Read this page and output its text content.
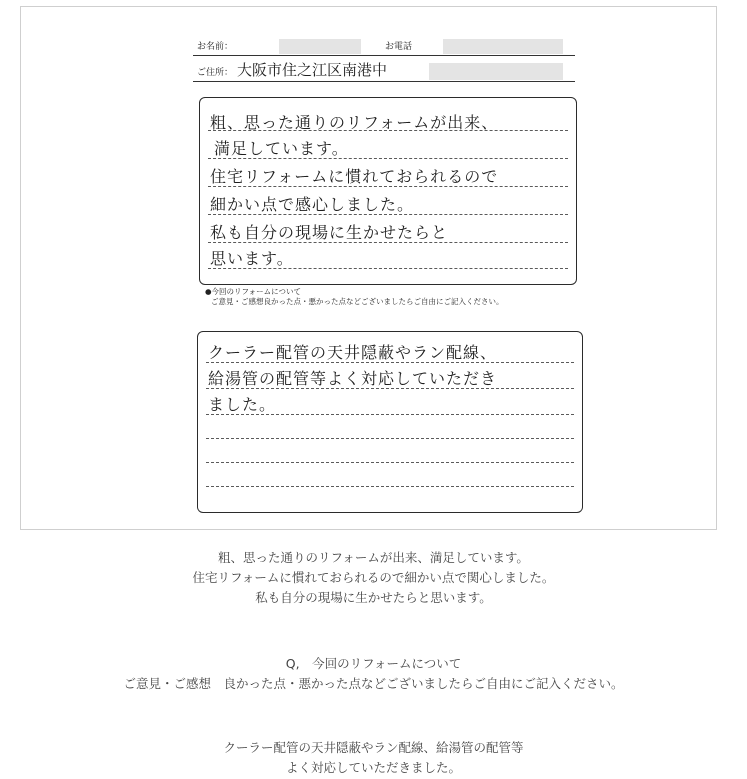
お名前：	お電話
ご住所： 大阪市住之江区南港中
粗、思った通りのリフォームが出来、
満足しています。
住宅リフォームに慣れておられるので
細かい点で感心しました。
私も自分の現場に生かせたらと
思います。
●今回のリフォームについて
ご意見・ご感想良かった点・悪かった点などございましたらご自由にご記入ください。
クーラー配管の天井隠蔽やラン配線、
給湯管の配管等よく対応していただき
ました。
粗、思った通りのリフォームが出来、満足しています。
住宅リフォームに慣れておられるので細かい点で関心しました。
私も自分の現場に生かせたらと思います。
Q,　今回のリフォームについて
ご意見・ご感想　良かった点・悪かった点などございましたらご自由にご記入ください。
クーラー配管の天井隠蔽やラン配線、給湯管の配管等
よく対応していただきました。
